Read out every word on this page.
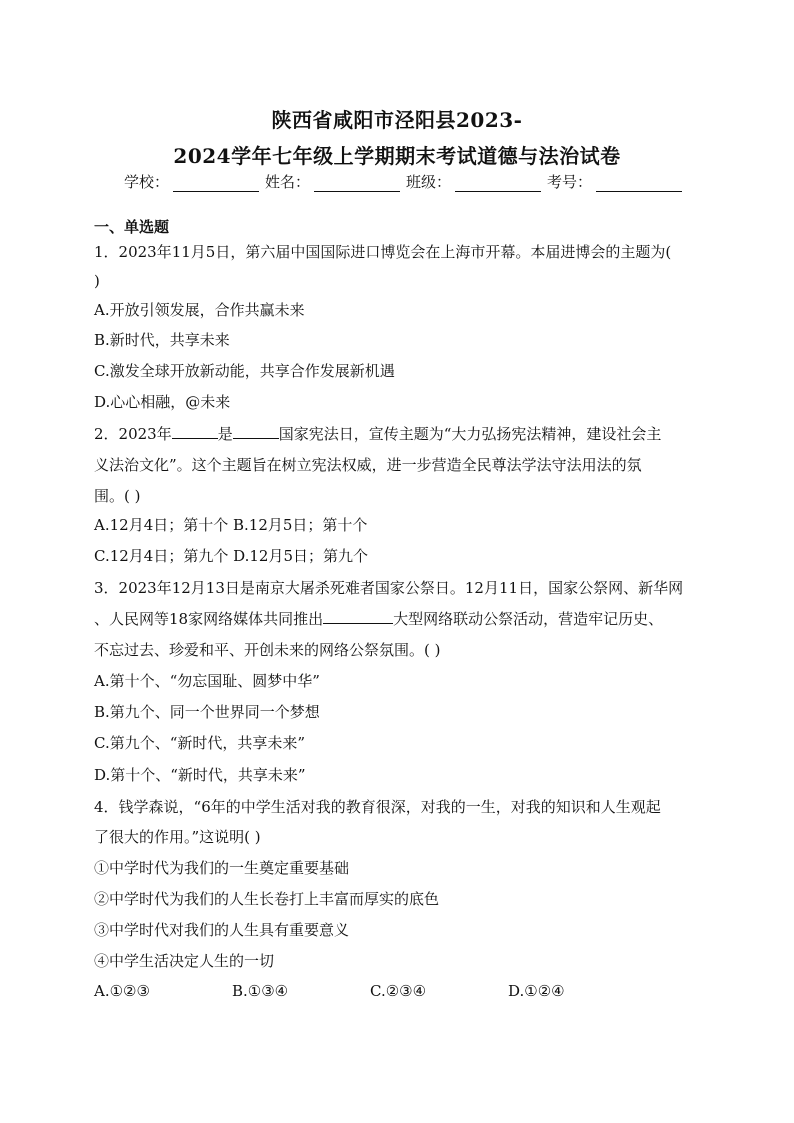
陕西省咸阳市泾阳县2023-
2024学年七年级上学期期末考试道德与法治试卷
学校：	姓名：	班级：	考号：
一、单选题
1．2023年11月5日，第六届中国国际进口博览会在上海市开幕。本届进博会的主题为(
)
A.开放引领发展，合作共赢未来
B.新时代，共享未来
C.激发全球开放新动能，共享合作发展新机遇
D.心心相融，@未来
2．2023年	是	国家宪法日，宣传主题为“大力弘扬宪法精神，建设社会主
义法治文化”。这个主题旨在树立宪法权威，进一步营造全民尊法学法守法用法的氛
围。( )
A.12月4日；第十个 B.12月5日；第十个
C.12月4日；第九个 D.12月5日；第九个
3．2023年12月13日是南京大屠杀死难者国家公祭日。12月11日，国家公祭网、新华网
、人民网等18家网络媒体共同推出	大型网络联动公祭活动，营造牢记历史、
不忘过去、珍爱和平、开创未来的网络公祭氛围。( )
A.第十个、“勿忘国耻、圆梦中华”
B.第九个、同一个世界同一个梦想
C.第九个、“新时代，共享未来”
D.第十个、“新时代，共享未来”
4．钱学森说，“6年的中学生活对我的教育很深，对我的一生，对我的知识和人生观起
了很大的作用。”这说明( )
①中学时代为我们的一生奠定重要基础
②中学时代为我们的人生长卷打上丰富而厚实的底色
③中学时代对我们的人生具有重要意义
④中学生活决定人生的一切
A.①②③	B.①③④	C.②③④	D.①②④
